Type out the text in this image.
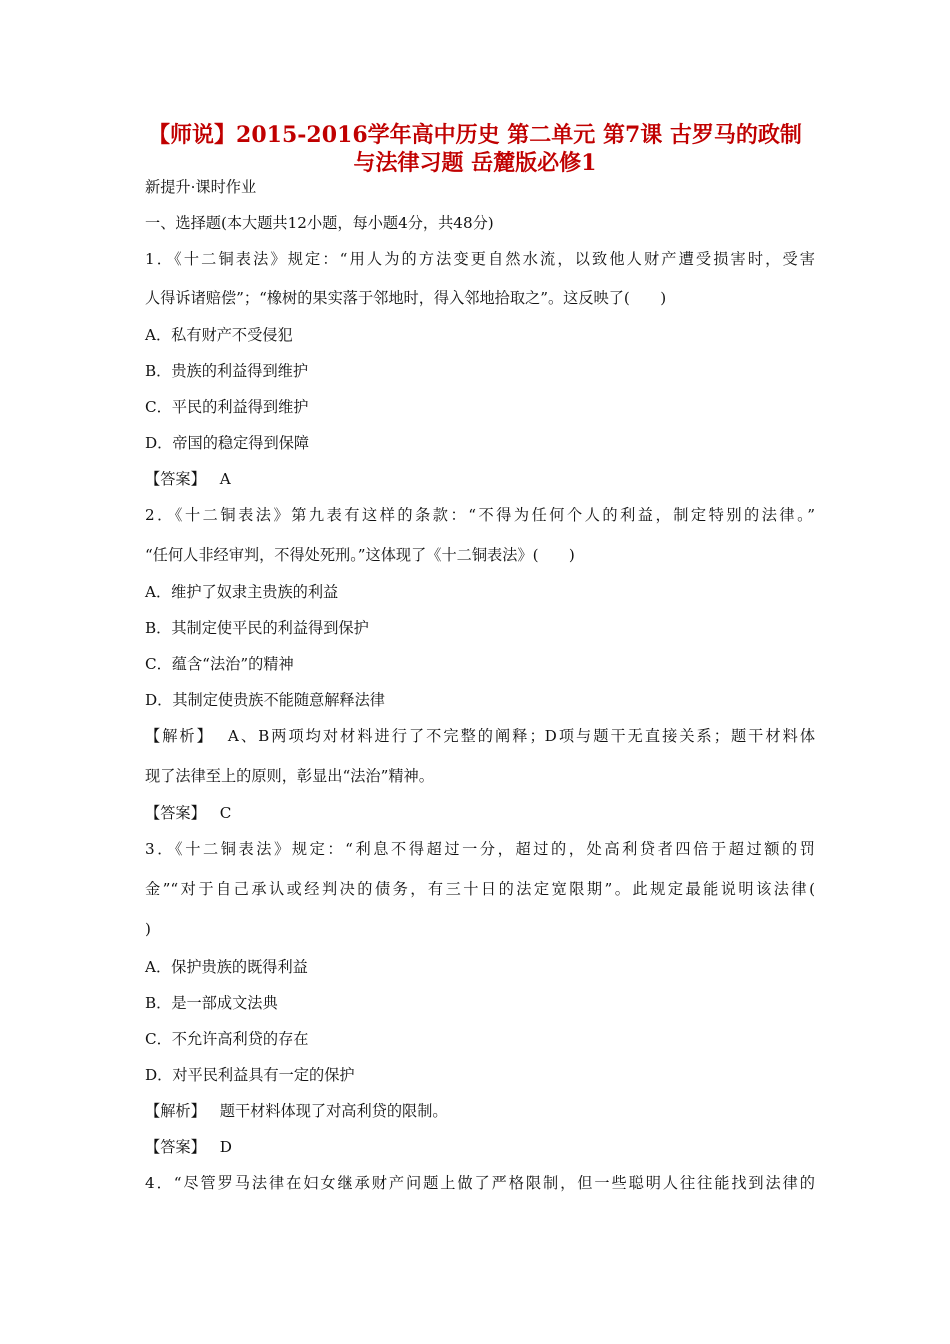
【师说】2015-2016学年高中历史 第二单元 第7课 古罗马的政制
与法律习题 岳麓版必修1
新提升·课时作业
一、选择题(本大题共12小题，每小题4分，共48分)
1．《十二铜表法》规定：“用人为的方法变更自然水流，以致他人财产遭受损害时，受害
人得诉诸赔偿”；“橡树的果实落于邻地时，得入邻地拾取之”。这反映了(　　)
A．私有财产不受侵犯
B．贵族的利益得到维护
C．平民的利益得到维护
D．帝国的稳定得到保障
【答案】 A
2．《十二铜表法》第九表有这样的条款：“不得为任何个人的利益，制定特别的法律。”
“任何人非经审判，不得处死刑。”这体现了《十二铜表法》(　　)
A．维护了奴隶主贵族的利益
B．其制定使平民的利益得到保护
C．蕴含“法治”的精神
D．其制定使贵族不能随意解释法律
【解析】 A、B两项均对材料进行了不完整的阐释；D项与题干无直接关系；题干材料体
现了法律至上的原则，彰显出“法治”精神。
【答案】 C
3．《十二铜表法》规定：“利息不得超过一分，超过的，处高利贷者四倍于超过额的罚
金”“对于自己承认或经判决的债务，有三十日的法定宽限期”。此规定最能说明该法律(
)
A．保护贵族的既得利益
B．是一部成文法典
C．不允许高利贷的存在
D．对平民利益具有一定的保护
【解析】 题干材料体现了对高利贷的限制。
【答案】 D
4．“尽管罗马法律在妇女继承财产问题上做了严格限制，但一些聪明人往往能找到法律的
